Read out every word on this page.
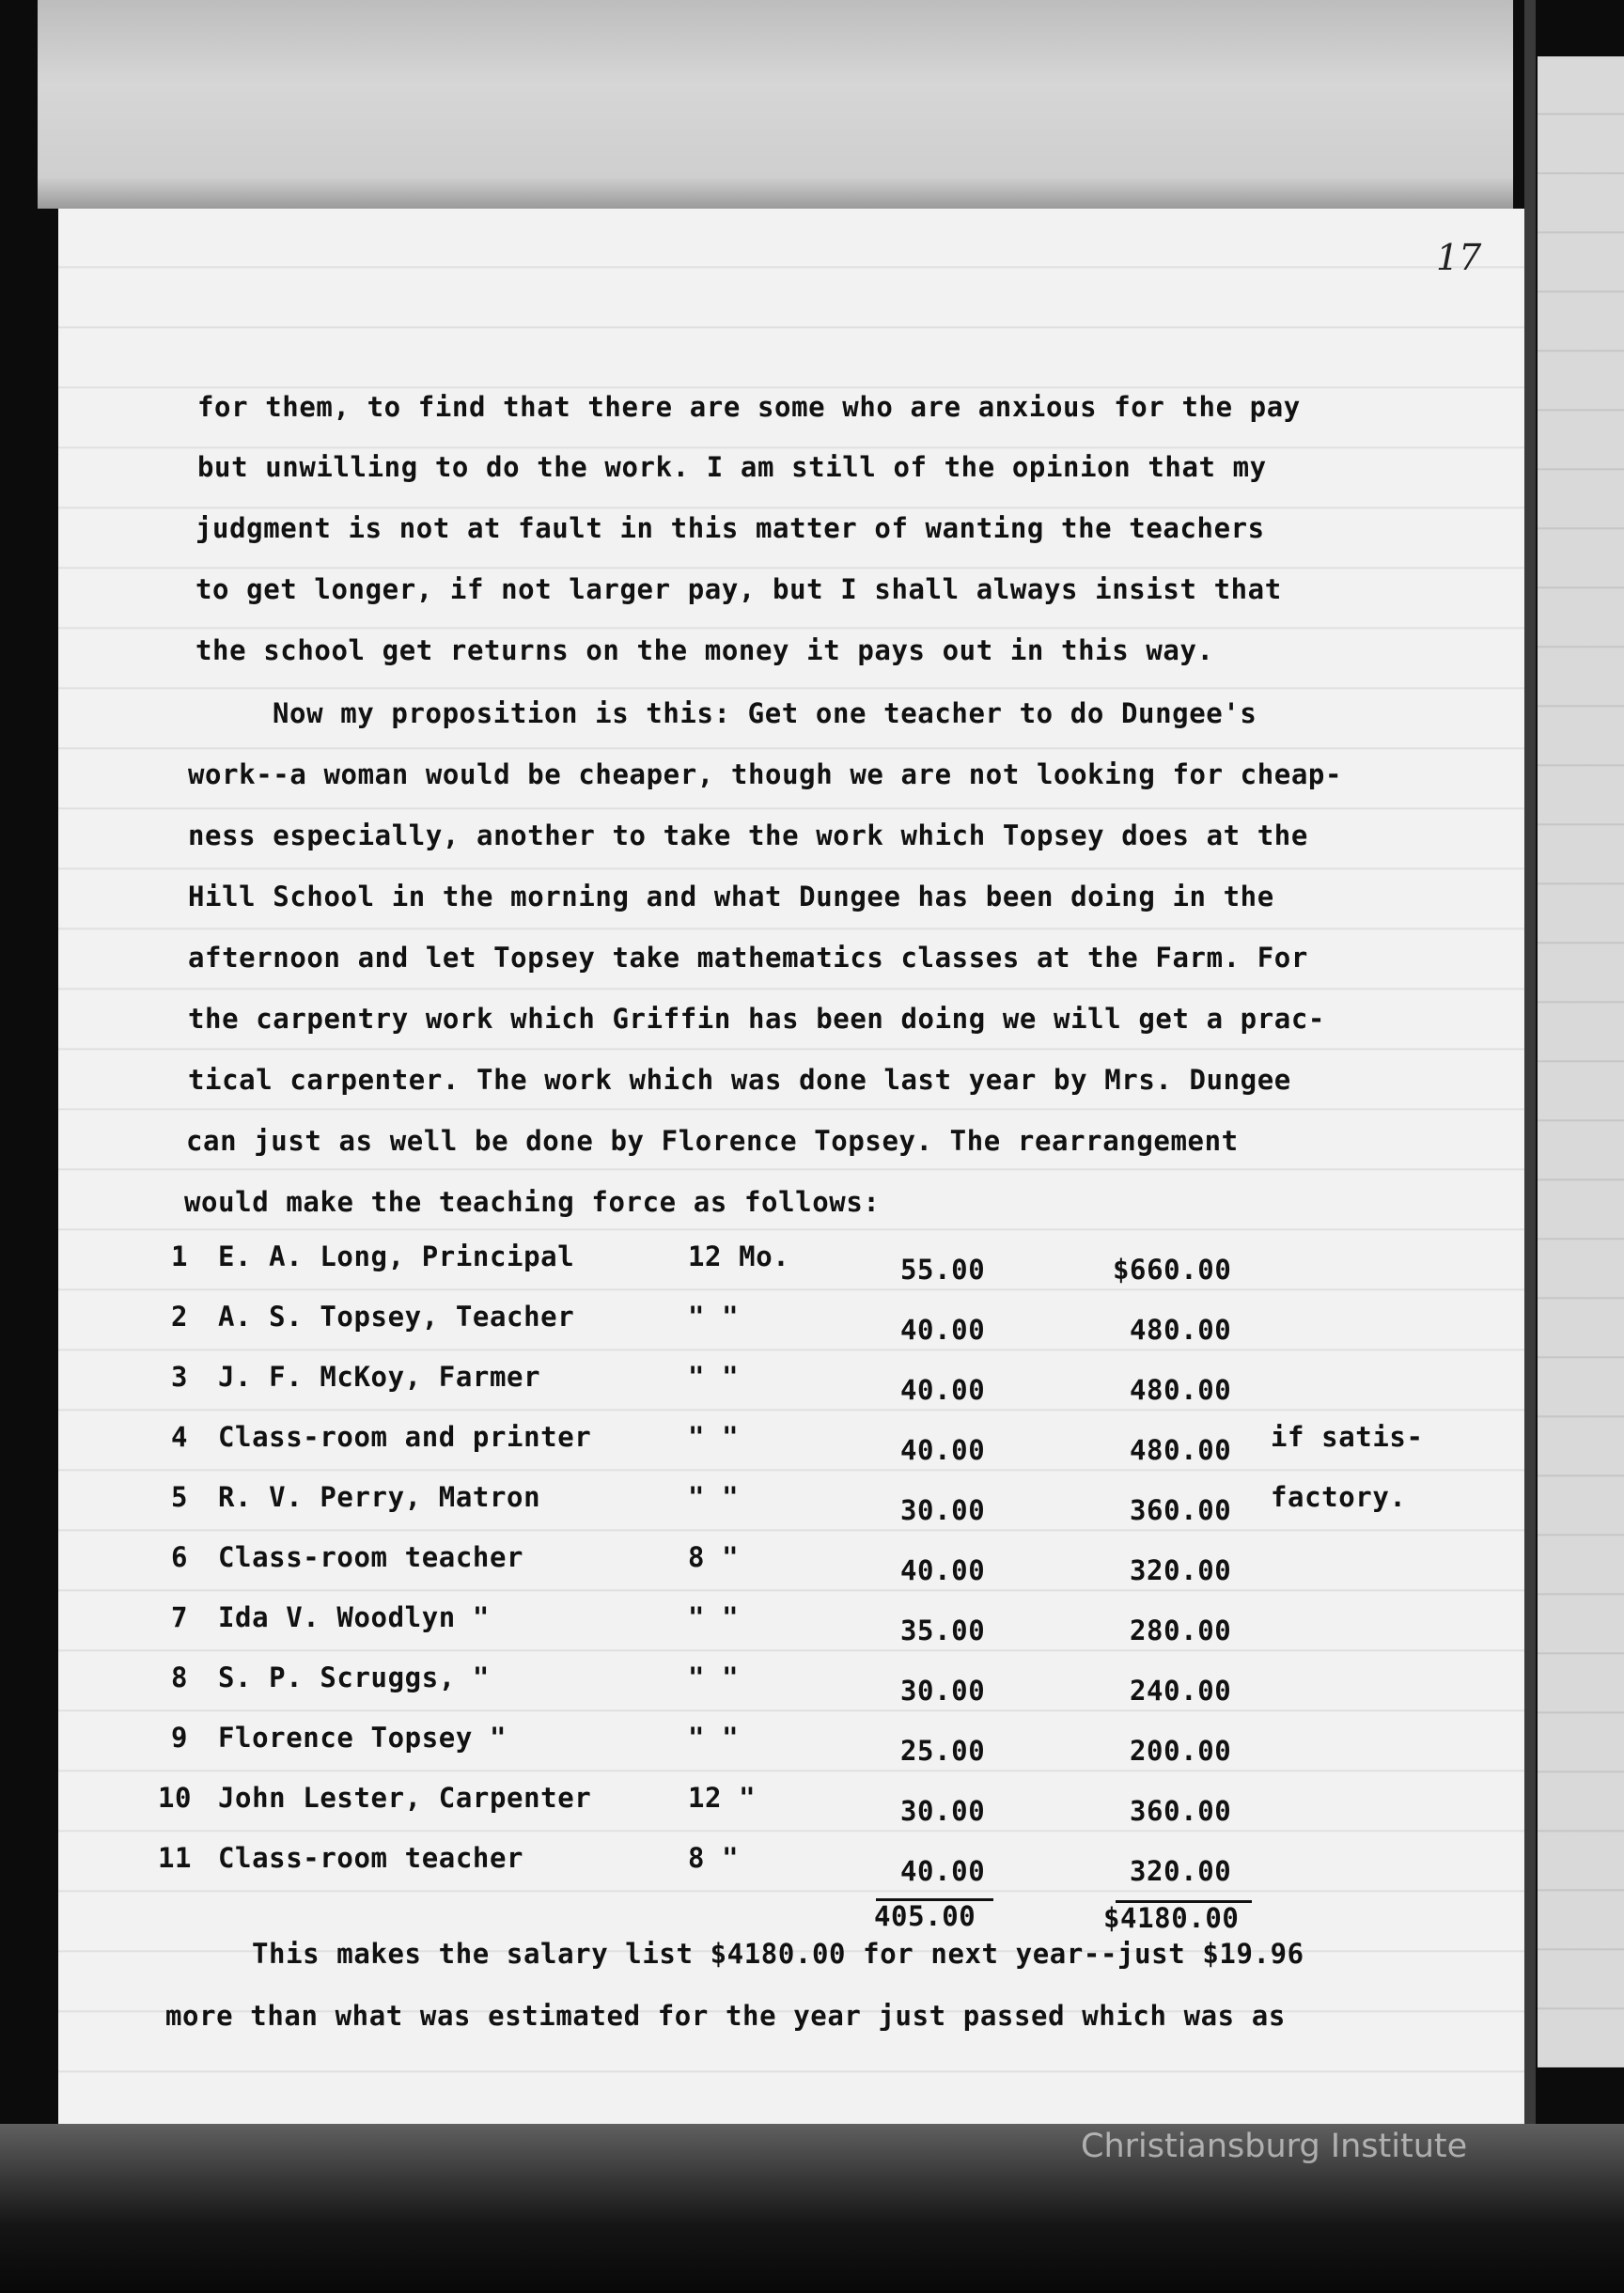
17
for them, to find that there are some who are anxious for the pay
but unwilling to do the work. I am still of the opinion that my
judgment is not at fault in this matter of wanting the teachers
to get longer, if not larger pay, but I shall always insist that
the school get returns on the money it pays out in this way.
Now my proposition is this: Get one teacher to do Dungee's
work--a woman would be cheaper, though we are not looking for cheap-
ness especially, another to take the work which Topsey does at the
Hill School in the morning and what Dungee has been doing in the
afternoon and let Topsey take mathematics classes at the Farm. For
the carpentry work which Griffin has been doing we will get a prac-
tical carpenter. The work which was done last year by Mrs. Dungee
can just as well be done by Florence Topsey. The rearrangement
would make the teaching force as follows:
1 E. A. Long, Principal	12 Mo.	55.00	$660.00
2 A. S. Topsey, Teacher	" "	40.00	480.00
3 J. F. McKoy, Farmer	" "	40.00	480.00
4 Class-room and printer	" "	40.00	480.00 if satis-
5 R. V. Perry, Matron	" "	30.00	360.00 factory.
6 Class-room teacher	8 "	40.00	320.00
7 Ida V. Woodlyn "	" "	35.00	280.00
8 S. P. Scruggs, "	" "	30.00	240.00
9 Florence Topsey "	" "	25.00	200.00
10 John Lester, Carpenter	12 "	30.00	360.00
11 Class-room teacher	8 "	40.00	320.00
405.00	$4180.00
This makes the salary list $4180.00 for next year--just $19.96
more than what was estimated for the year just passed which was as
Christiansburg Institute
